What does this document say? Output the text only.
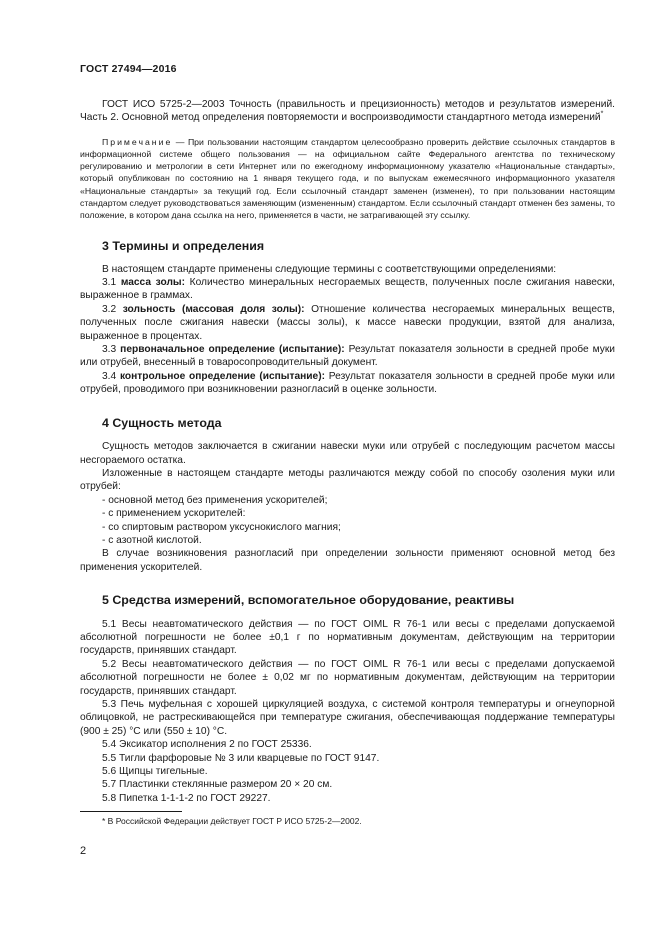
ГОСТ 27494—2016

ГОСТ ИСО 5725-2—2003 Точность (правильность и прецизионность) методов и результатов измерений. Часть 2. Основной метод определения повторяемости и воспроизводимости стандартного метода измерений*

Примечание — При пользовании настоящим стандартом целесообразно проверить действие ссылочных стандартов в информационной системе общего пользования — на официальном сайте Федерального агентства по техническому регулированию и метрологии в сети Интернет или по ежегодному информационному указателю «Национальные стандарты», который опубликован по состоянию на 1 января текущего года, и по выпускам ежемесячного информационного указателя «Национальные стандарты» за текущий год. Если ссылочный стандарт заменен (изменен), то при пользовании настоящим стандартом следует руководствоваться заменяющим (измененным) стандартом. Если ссылочный стандарт отменен без замены, то положение, в котором дана ссылка на него, применяется в части, не затрагивающей эту ссылку.

3 Термины и определения

В настоящем стандарте применены следующие термины с соответствующими определениями:

3.1 масса золы: Количество минеральных несгораемых веществ, полученных после сжигания навески, выраженное в граммах.

3.2 зольность (массовая доля золы): Отношение количества несгораемых минеральных веществ, полученных после сжигания навески (массы золы), к массе навески продукции, взятой для анализа, выраженное в процентах.

3.3 первоначальное определение (испытание): Результат показателя зольности в средней пробе муки или отрубей, внесенный в товаросопроводительный документ.

3.4 контрольное определение (испытание): Результат показателя зольности в средней пробе муки или отрубей, проводимого при возникновении разногласий в оценке зольности.

4 Сущность метода

Сущность методов заключается в сжигании навески муки или отрубей с последующим расчетом массы несгораемого остатка.

Изложенные в настоящем стандарте методы различаются между собой по способу озоления муки или отрубей:

- основной метод без применения ускорителей;

- с применением ускорителей:

- со спиртовым раствором уксуснокислого магния;

- с азотной кислотой.

В случае возникновения разногласий при определении зольности применяют основной метод без применения ускорителей.

5 Средства измерений, вспомогательное оборудование, реактивы

5.1 Весы неавтоматического действия — по ГОСТ OIML R 76-1 или весы с пределами допускаемой абсолютной погрешности не более ±0,1 г по нормативным документам, действующим на территории государств, принявших стандарт.

5.2 Весы неавтоматического действия — по ГОСТ OIML R 76-1 или весы с пределами допускаемой абсолютной погрешности не более ± 0,02 мг по нормативным документам, действующим на территории государств, принявших стандарт.

5.3 Печь муфельная с хорошей циркуляцией воздуха, с системой контроля температуры и огнеупорной облицовкой, не растрескивающейся при температуре сжигания, обеспечивающая поддержание температуры (900 ± 25) °С или (550 ± 10) °С.

5.4 Эксикатор исполнения 2 по ГОСТ 25336.

5.5 Тигли фарфоровые № 3 или кварцевые по ГОСТ 9147.

5.6 Щипцы тигельные.

5.7 Пластинки стеклянные размером 20 × 20 см.

5.8 Пипетка 1-1-1-2 по ГОСТ 29227.

* В Российской Федерации действует ГОСТ Р ИСО 5725-2—2002.

2
